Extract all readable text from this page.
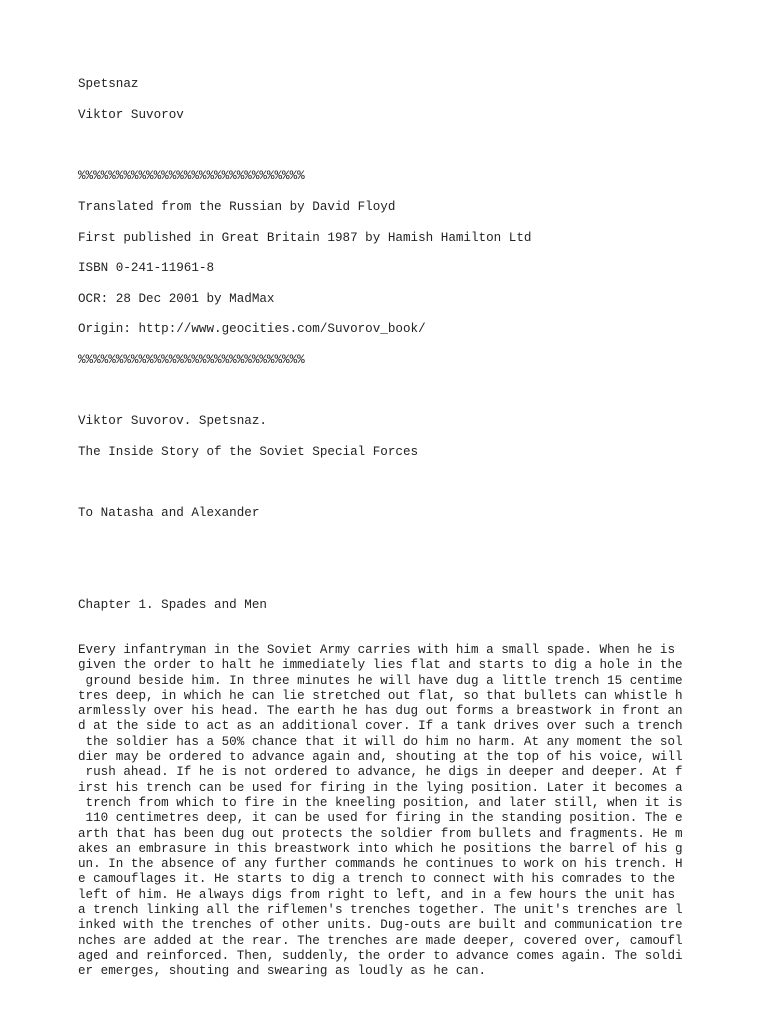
Spetsnaz

Viktor Suvorov

%%%%%%%%%%%%%%%%%%%%%%%%%%%%%%

Translated from the Russian by David Floyd

First published in Great Britain 1987 by Hamish Hamilton Ltd

ISBN 0-241-11961-8

OCR: 28 Dec 2001 by MadMax

Origin: http://www.geocities.com/Suvorov_book/

%%%%%%%%%%%%%%%%%%%%%%%%%%%%%%

Viktor Suvorov. Spetsnaz.

The Inside Story of the Soviet Special Forces

To Natasha and Alexander

Chapter 1. Spades and Men

Every infantryman in the Soviet Army carries with him a small spade. When he is
given the order to halt he immediately lies flat and starts to dig a hole in the
ground beside him. In three minutes he will have dug a little trench 15 centime
tres deep, in which he can lie stretched out flat, so that bullets can whistle h
armlessly over his head. The earth he has dug out forms a breastwork in front an
d at the side to act as an additional cover. If a tank drives over such a trench
the soldier has a 50% chance that it will do him no harm. At any moment the sol
dier may be ordered to advance again and, shouting at the top of his voice, will
rush ahead. If he is not ordered to advance, he digs in deeper and deeper. At f
irst his trench can be used for firing in the lying position. Later it becomes a
trench from which to fire in the kneeling position, and later still, when it is
110 centimetres deep, it can be used for firing in the standing position. The e
arth that has been dug out protects the soldier from bullets and fragments. He m
akes an embrasure in this breastwork into which he positions the barrel of his g
un. In the absence of any further commands he continues to work on his trench. H
e camouflages it. He starts to dig a trench to connect with his comrades to the
left of him. He always digs from right to left, and in a few hours the unit has
a trench linking all the riflemen's trenches together. The unit's trenches are l
inked with the trenches of other units. Dug-outs are built and communication tre
nches are added at the rear. The trenches are made deeper, covered over, camoufl
aged and reinforced. Then, suddenly, the order to advance comes again. The soldi
er emerges, shouting and swearing as loudly as he can.
